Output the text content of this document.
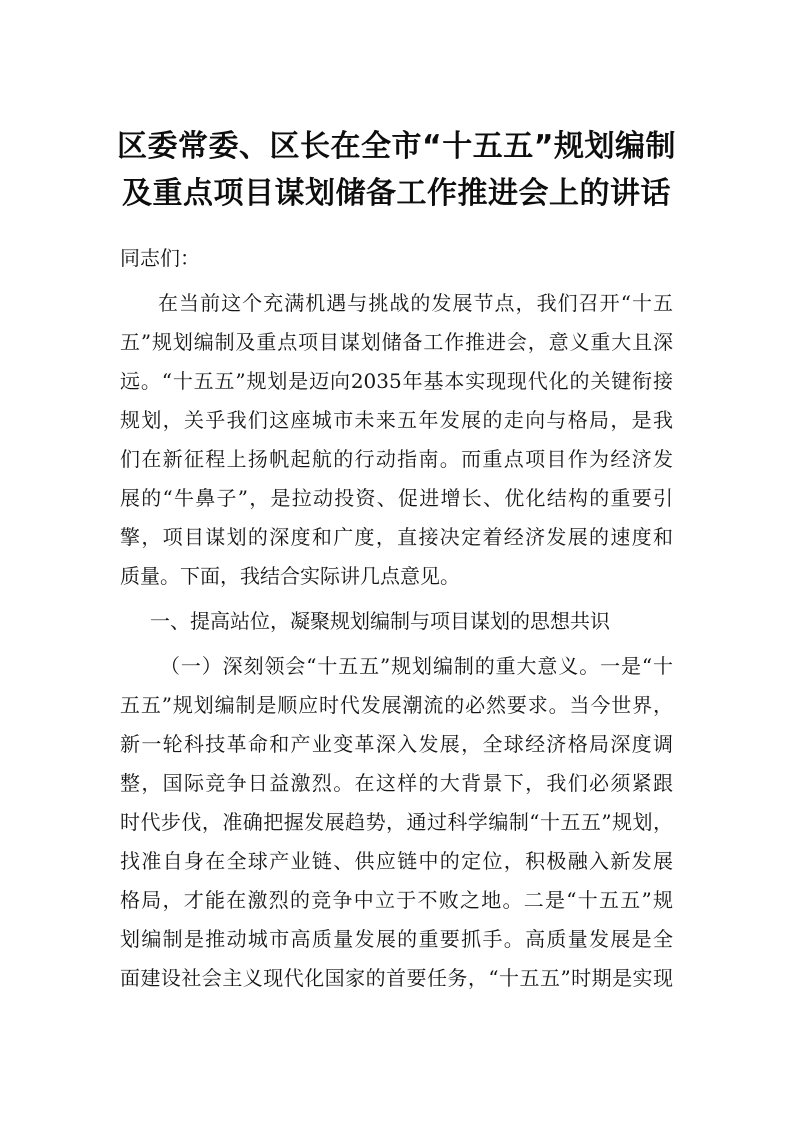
区委常委、区长在全市“十五五”规划编制
及重点项目谋划储备工作推进会上的讲话
同志们：
在当前这个充满机遇与挑战的发展节点，我们召开“十五
五”规划编制及重点项目谋划储备工作推进会，意义重大且深
远。“十五五”规划是迈向2035年基本实现现代化的关键衔接
规划，关乎我们这座城市未来五年发展的走向与格局，是我
们在新征程上扬帆起航的行动指南。而重点项目作为经济发
展的“牛鼻子”，是拉动投资、促进增长、优化结构的重要引
擎，项目谋划的深度和广度，直接决定着经济发展的速度和
质量。下面，我结合实际讲几点意见。
一、提高站位，凝聚规划编制与项目谋划的思想共识
（一）深刻领会“十五五”规划编制的重大意义。一是“十
五五”规划编制是顺应时代发展潮流的必然要求。当今世界，
新一轮科技革命和产业变革深入发展，全球经济格局深度调
整，国际竞争日益激烈。在这样的大背景下，我们必须紧跟
时代步伐，准确把握发展趋势，通过科学编制“十五五”规划，
找准自身在全球产业链、供应链中的定位，积极融入新发展
格局，才能在激烈的竞争中立于不败之地。二是“十五五”规
划编制是推动城市高质量发展的重要抓手。高质量发展是全
面建设社会主义现代化国家的首要任务，“十五五”时期是实现
